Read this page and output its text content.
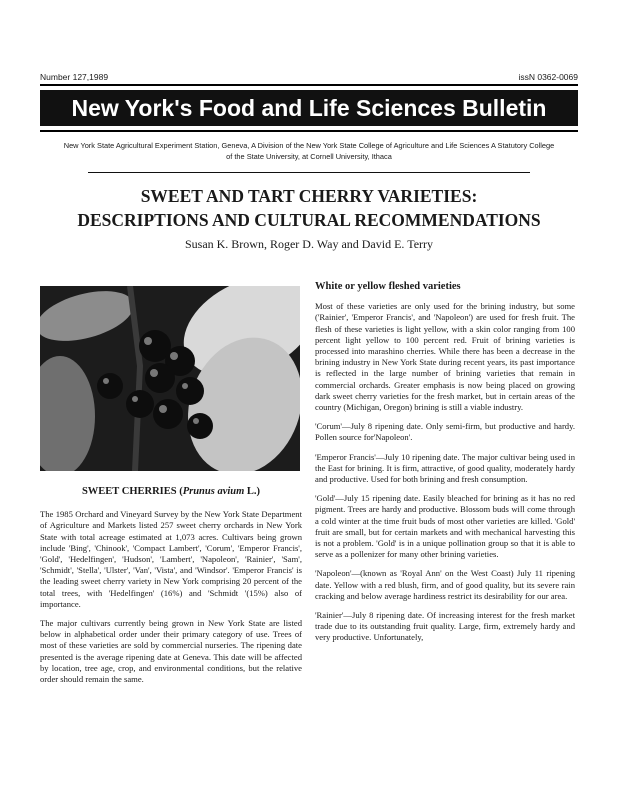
Number 127,1989	issN 0362-0069
New York's Food and Life Sciences Bulletin
New York State Agricultural Experiment Station, Geneva, A Division of the New York State College of Agriculture and Life Sciences A Statutory College of the State University, at Cornell University, Ithaca
SWEET AND TART CHERRY VARIETIES:
DESCRIPTIONS AND CULTURAL RECOMMENDATIONS
Susan K. Brown, Roger D. Way and David E. Terry
SWEET CHERRIES (Prunus avium L.)

The 1985 Orchard and Vineyard Survey by the New York State Department of Agriculture and Markets listed 257 sweet cherry orchards in New York State with total acreage estimated at 1,073 acres. Cultivars being grown include 'Bing', 'Chinook', 'Compact Lambert', 'Corum', 'Emperor Francis', 'Gold', 'Hedelfingen', 'Hudson', 'Lambert', 'Napoleon', 'Rainier', 'Sam', 'Schmidt', 'Stella', 'Ulster', 'Van', 'Vista', and 'Windsor'. 'Emperor Francis' is the leading sweet cherry variety in New York comprising 20 percent of the total trees, with 'Hedelfingen' (16%) and 'Schmidt '(15%) also of importance.

The major cultivars currently being grown in New York State are listed below in alphabetical order under their primary category of use. Trees of most of these varieties are sold by commercial nurseries. The ripening date presented is the average ripening date at Geneva. This date will be affected by location, tree age, crop, and environmental conditions, but the relative order should remain the same.

White or yellow fleshed varieties

Most of these varieties are only used for the brining industry, but some ('Rainier', 'Emperor Francis', and 'Napoleon') are used for fresh fruit. The flesh of these varieties is light yellow, with a skin color ranging from 100 percent light yellow to 100 percent red. Fruit of brining varieties is processed into marashino cherries. While there has been a decrease in the brining industry in New York State during recent years, its past importance is reflected in the large number of brining varieties that remain in commercial orchards. Greater emphasis is now being placed on growing dark sweet cherry varieties for the fresh market, but in certain areas of the country (Michigan, Oregon) brining is still a viable industry.

'Corum'—July 8 ripening date. Only semi-firm, but productive and hardy. Pollen source for'Napoleon'.

'Emperor Francis'—July 10 ripening date. The major cultivar being used in the East for brining. It is firm, attractive, of good quality, moderately hardy and productive. Used for both brining and fresh consumption.

'Gold'—July 15 ripening date. Easily bleached for brining as it has no red pigment. Trees are hardy and productive. Blossom buds will come through a cold winter at the time fruit buds of most other varieties are killed. 'Gold' fruit are small, but for certain markets and with mechanical harvesting this is not a problem. 'Gold' is in a unique pollination group so that it is able to serve as a pollenizer for many other brining varieties.

'Napoleon'—(known as 'Royal Ann' on the West Coast) July 11 ripening date. Yellow with a red blush, firm, and of good quality, but its severe rain cracking and below average hardiness restrict its desirability for our area.

'Rainier'—July 8 ripening date. Of increasing interest for the fresh market trade due to its outstanding fruit quality. Large, firm, extremely hardy and very productive. Unfortunately,
